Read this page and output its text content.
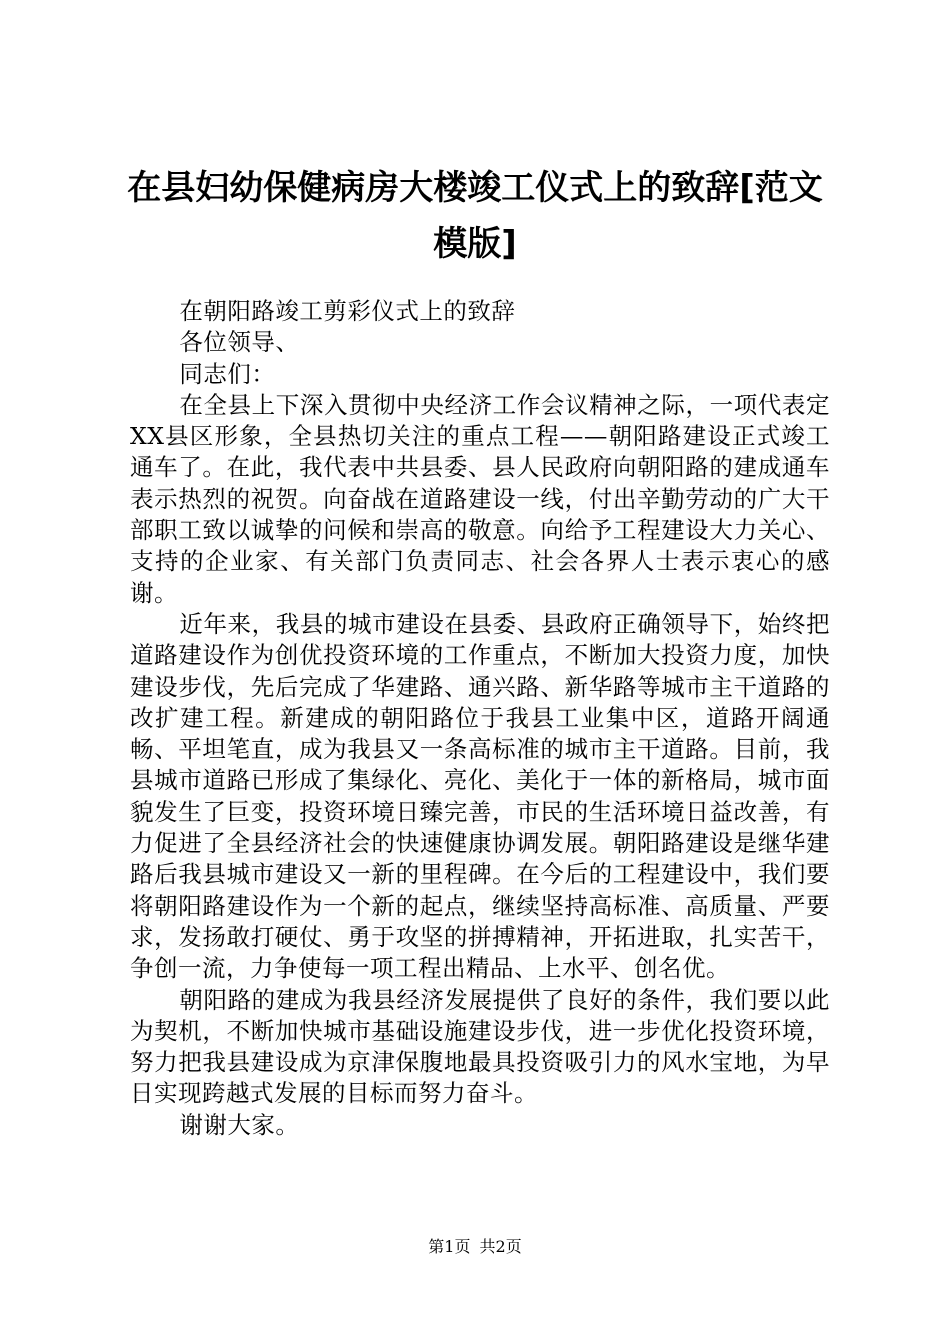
在县妇幼保健病房大楼竣工仪式上的致辞[范文模版]

在朝阳路竣工剪彩仪式上的致辞

各位领导、

同志们：

在全县上下深入贯彻中央经济工作会议精神之际，一项代表定XX县区形象，全县热切关注的重点工程——朝阳路建设正式竣工通车了。在此，我代表中共县委、县人民政府向朝阳路的建成通车表示热烈的祝贺。向奋战在道路建设一线，付出辛勤劳动的广大干部职工致以诚挚的问候和崇高的敬意。向给予工程建设大力关心、支持的企业家、有关部门负责同志、社会各界人士表示衷心的感谢。

近年来，我县的城市建设在县委、县政府正确领导下，始终把道路建设作为创优投资环境的工作重点，不断加大投资力度，加快建设步伐，先后完成了华建路、通兴路、新华路等城市主干道路的改扩建工程。新建成的朝阳路位于我县工业集中区，道路开阔通畅、平坦笔直，成为我县又一条高标准的城市主干道路。目前，我县城市道路已形成了集绿化、亮化、美化于一体的新格局，城市面貌发生了巨变，投资环境日臻完善，市民的生活环境日益改善，有力促进了全县经济社会的快速健康协调发展。朝阳路建设是继华建路后我县城市建设又一新的里程碑。在今后的工程建设中，我们要将朝阳路建设作为一个新的起点，继续坚持高标准、高质量、严要求，发扬敢打硬仗、勇于攻坚的拼搏精神，开拓进取，扎实苦干，争创一流，力争使每一项工程出精品、上水平、创名优。

朝阳路的建成为我县经济发展提供了良好的条件，我们要以此为契机，不断加快城市基础设施建设步伐，进一步优化投资环境，努力把我县建设成为京津保腹地最具投资吸引力的风水宝地，为早日实现跨越式发展的目标而努力奋斗。

谢谢大家。

第1页 共2页
